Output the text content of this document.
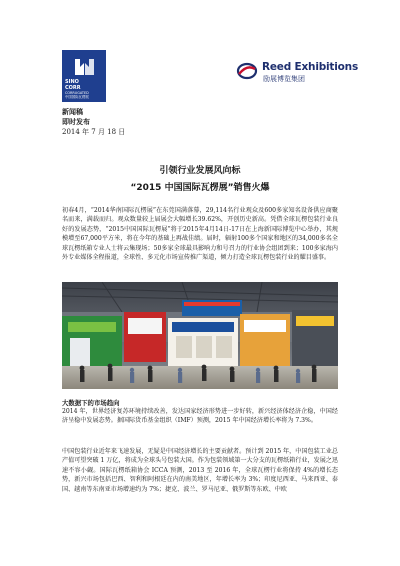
SINO
CORR
CORRUGATED
中国国际瓦楞展
Reed Exhibitions
励展博览集团
新闻稿
即时发布
2014 年 7 月 18 日
引领行业发展风向标
“2015 中国国际瓦楞展”销售火爆
初春4月，“2014华南国际瓦楞展”在东莞国满落幕，29,114名行业观众及600多家知名设备供应商聚名而来，满载而归。观众数量较上届展会大幅增长39.62%，开创历史新高。凭借全球瓦楞包装行业良好的发展态势，“2015中国国际瓦楞展”将于2015年4月14日-17日在上海新国际博览中心举办，其规模增至67,000平方米，将在今年的基础上再战佳绩。届时，辐射100多个国家和地区的34,000多名全球瓦楞纸箱专业人士将云集现场；50多家全球最具影响力和号召力的行业协会组团到来；100多家海内外专业媒体全程报道，全球性、多元化市场宣传推广渠道，倾力打造全球瓦楞包装行业的耀目盛事。
大数据下的市场趋向
2014 年，世界经济复苏环境持续改善，发达国家经济形势进一步好转，新兴经济体经济企稳，中国经济呈稳中发展态势。据国际货币基金组织（IMF）预测，2015 年中国经济增长率将为 7.3%。
中国包装行业近年来飞速发展，无疑是中国经济增长的主要贡献者。预计到 2015 年，中国包装工业总产值可望突破 1 万亿，将成为全球头号包装大国。作为包装领域第一大分支的瓦楞纸箱行业，发展之迅速不容小觑。国际瓦楞纸箱协会 ICCA 预测，2013 至 2016 年，全球瓦楞行业将保持 4%的增长态势，新兴市场包括巴西、智利和阿根廷在内的南美地区，年增长率为 3%；印度尼西亚、马来西亚、泰国、越南等东南亚市场增速约为 7%；捷克、波兰、罗马尼亚、俄罗斯等东欧、中欧
